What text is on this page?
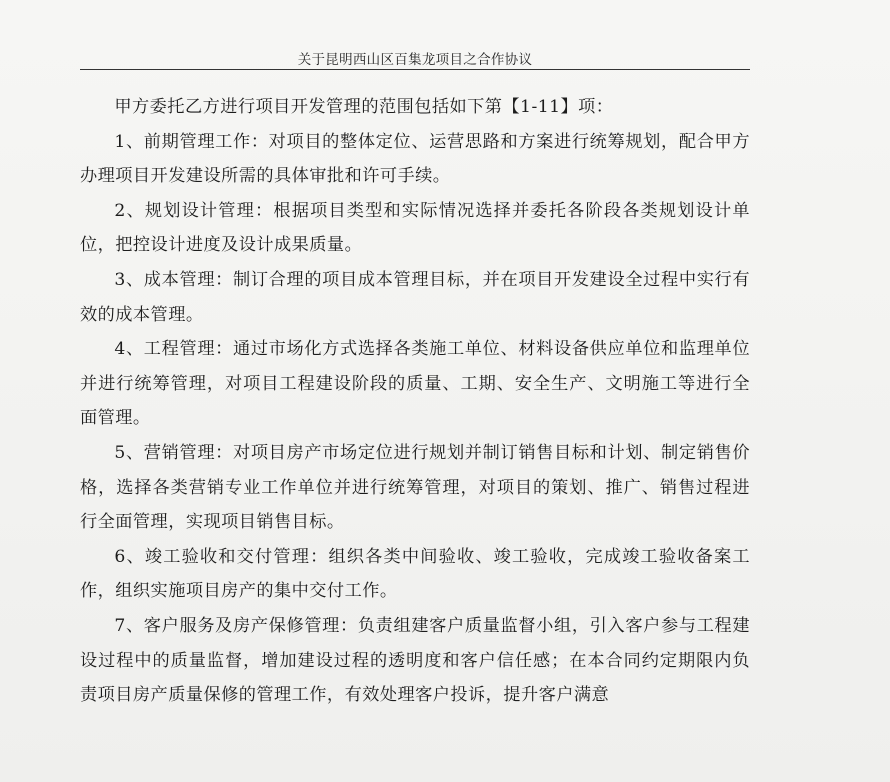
关于昆明西山区百集龙项目之合作协议

甲方委托乙方进行项目开发管理的范围包括如下第【1-11】项：

1、前期管理工作：对项目的整体定位、运营思路和方案进行统筹规划，配合甲方办理项目开发建设所需的具体审批和许可手续。

2、规划设计管理：根据项目类型和实际情况选择并委托各阶段各类规划设计单位，把控设计进度及设计成果质量。

3、成本管理：制订合理的项目成本管理目标，并在项目开发建设全过程中实行有效的成本管理。

4、工程管理：通过市场化方式选择各类施工单位、材料设备供应单位和监理单位并进行统筹管理，对项目工程建设阶段的质量、工期、安全生产、文明施工等进行全面管理。

5、营销管理：对项目房产市场定位进行规划并制订销售目标和计划、制定销售价格，选择各类营销专业工作单位并进行统筹管理，对项目的策划、推广、销售过程进行全面管理，实现项目销售目标。

6、竣工验收和交付管理：组织各类中间验收、竣工验收，完成竣工验收备案工作，组织实施项目房产的集中交付工作。

7、客户服务及房产保修管理：负责组建客户质量监督小组，引入客户参与工程建设过程中的质量监督，增加建设过程的透明度和客户信任感；在本合同约定期限内负责项目房产质量保修的管理工作，有效处理客户投诉，提升客户满意
